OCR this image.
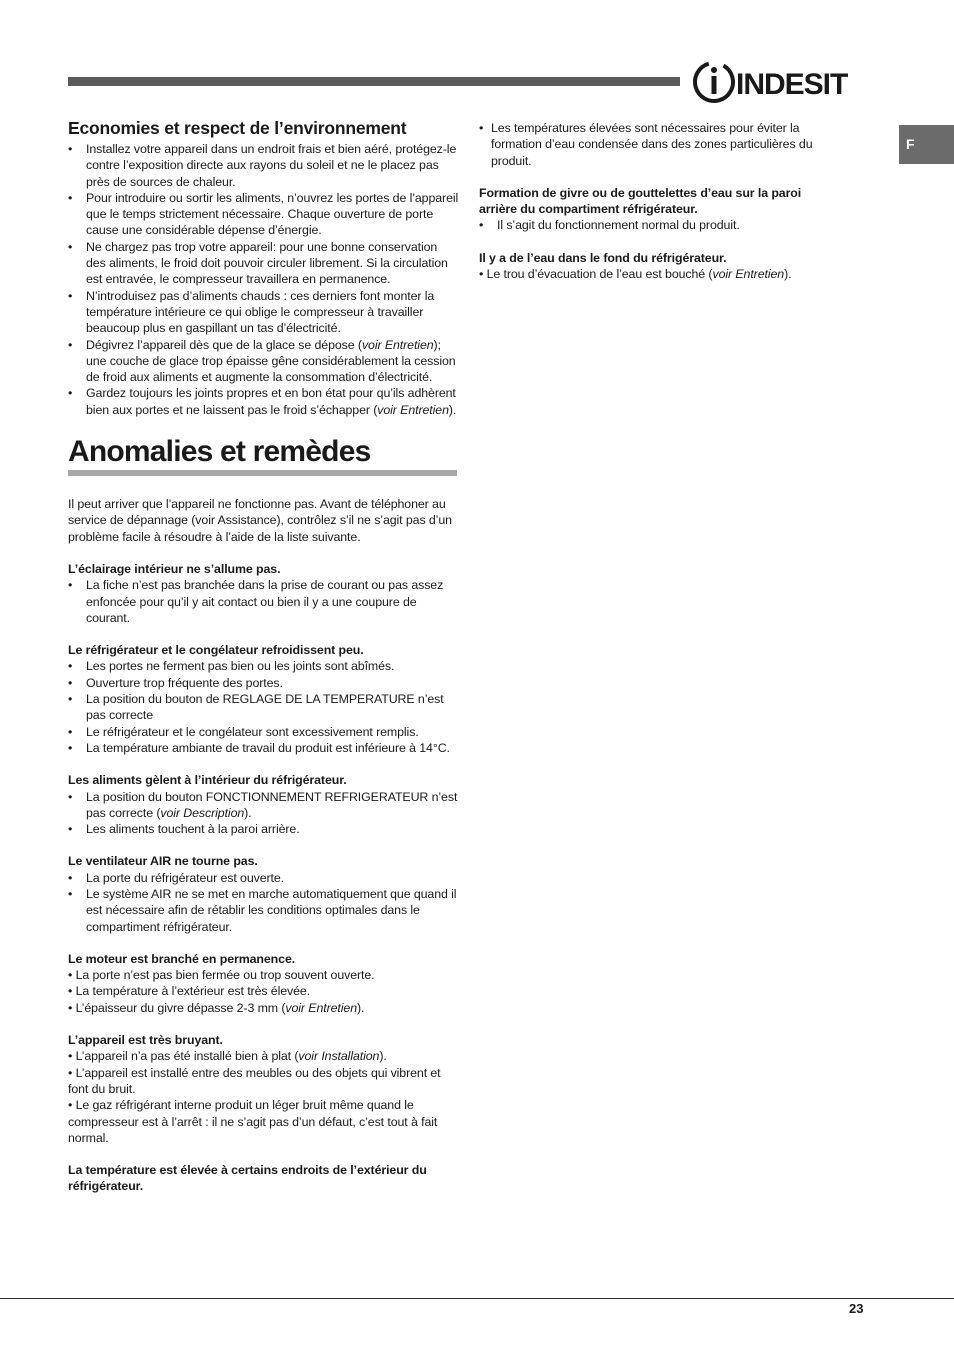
INDESIT
F
Economies et respect de l’environnement
• Installez votre appareil dans un endroit frais et bien aéré, protégez-le contre l’exposition directe aux rayons du soleil et ne le placez pas près de sources de chaleur.
• Pour introduire ou sortir les aliments, n’ouvrez les portes de l’appareil que le temps strictement nécessaire. Chaque ouverture de porte cause une considérable dépense d’énergie.
• Ne chargez pas trop votre appareil: pour une bonne conservation des aliments, le froid doit pouvoir circuler librement. Si la circulation est entravée, le compresseur travaillera en permanence.
• N’introduisez pas d’aliments chauds : ces derniers font monter la température intérieure ce qui oblige le compresseur à travailler beaucoup plus en gaspillant un tas d’électricité.
• Dégivrez l’appareil dès que de la glace se dépose (voir Entretien); une couche de glace trop épaisse gêne considérablement la cession de froid aux aliments et augmente la consommation d’électricité.
• Gardez toujours les joints propres et en bon état pour qu’ils adhèrent bien aux portes et ne laissent pas le froid s’échapper (voir Entretien).
Anomalies et remèdes

Il peut arriver que l’appareil ne fonctionne pas. Avant de téléphoner au service de dépannage (voir Assistance), contrôlez s’il ne s’agit pas d’un problème facile à résoudre à l’aide de la liste suivante.

L’éclairage intérieur ne s’allume pas.

• La fiche n’est pas branchée dans la prise de courant ou pas assez enfoncée pour qu’il y ait contact ou bien il y a une coupure de courant.

Le réfrigérateur et le congélateur refroidissent peu.

• Les portes ne ferment pas bien ou les joints sont abîmés.
• Ouverture trop fréquente des portes.
• La position du bouton de REGLAGE DE LA TEMPERATURE n’est pas correcte
• Le réfrigérateur et le congélateur sont excessivement remplis.
• La température ambiante de travail du produit est inférieure à 14°C.

Les aliments gèlent à l’intérieur du réfrigérateur.

• La position du bouton FONCTIONNEMENT REFRIGERATEUR n’est pas correcte (voir Description).
• Les aliments touchent à la paroi arrière.

Le ventilateur AIR ne tourne pas.

• La porte du réfrigérateur est ouverte.
• Le système AIR ne se met en marche automatiquement que quand il est nécessaire afin de rétablir les conditions optimales dans le compartiment réfrigérateur.

Le moteur est branché en permanence.

• La porte n’est pas bien fermée ou trop souvent ouverte.

• La température à l’extérieur est très élevée.

• L’épaisseur du givre dépasse 2-3 mm (voir Entretien).

L’appareil est très bruyant.

• L’appareil n’a pas été installé bien à plat (voir Installation).

• L’appareil est installé entre des meubles ou des objets qui vibrent et font du bruit.

• Le gaz réfrigérant interne produit un léger bruit même quand le compresseur est à l’arrêt : il ne s’agit pas d’un défaut, c’est tout à fait normal.

La température est élevée à certains endroits de l’extérieur du réfrigérateur.

• Les températures élevées sont nécessaires pour éviter la formation d’eau condensée dans des zones particulières du produit.

Formation de givre ou de gouttelettes d’eau sur la paroi arrière du compartiment réfrigérateur.

• Il s’agit du fonctionnement normal du produit.

Il y a de l’eau dans le fond du réfrigérateur.

• Le trou d’évacuation de l’eau est bouché (voir Entretien).

23
